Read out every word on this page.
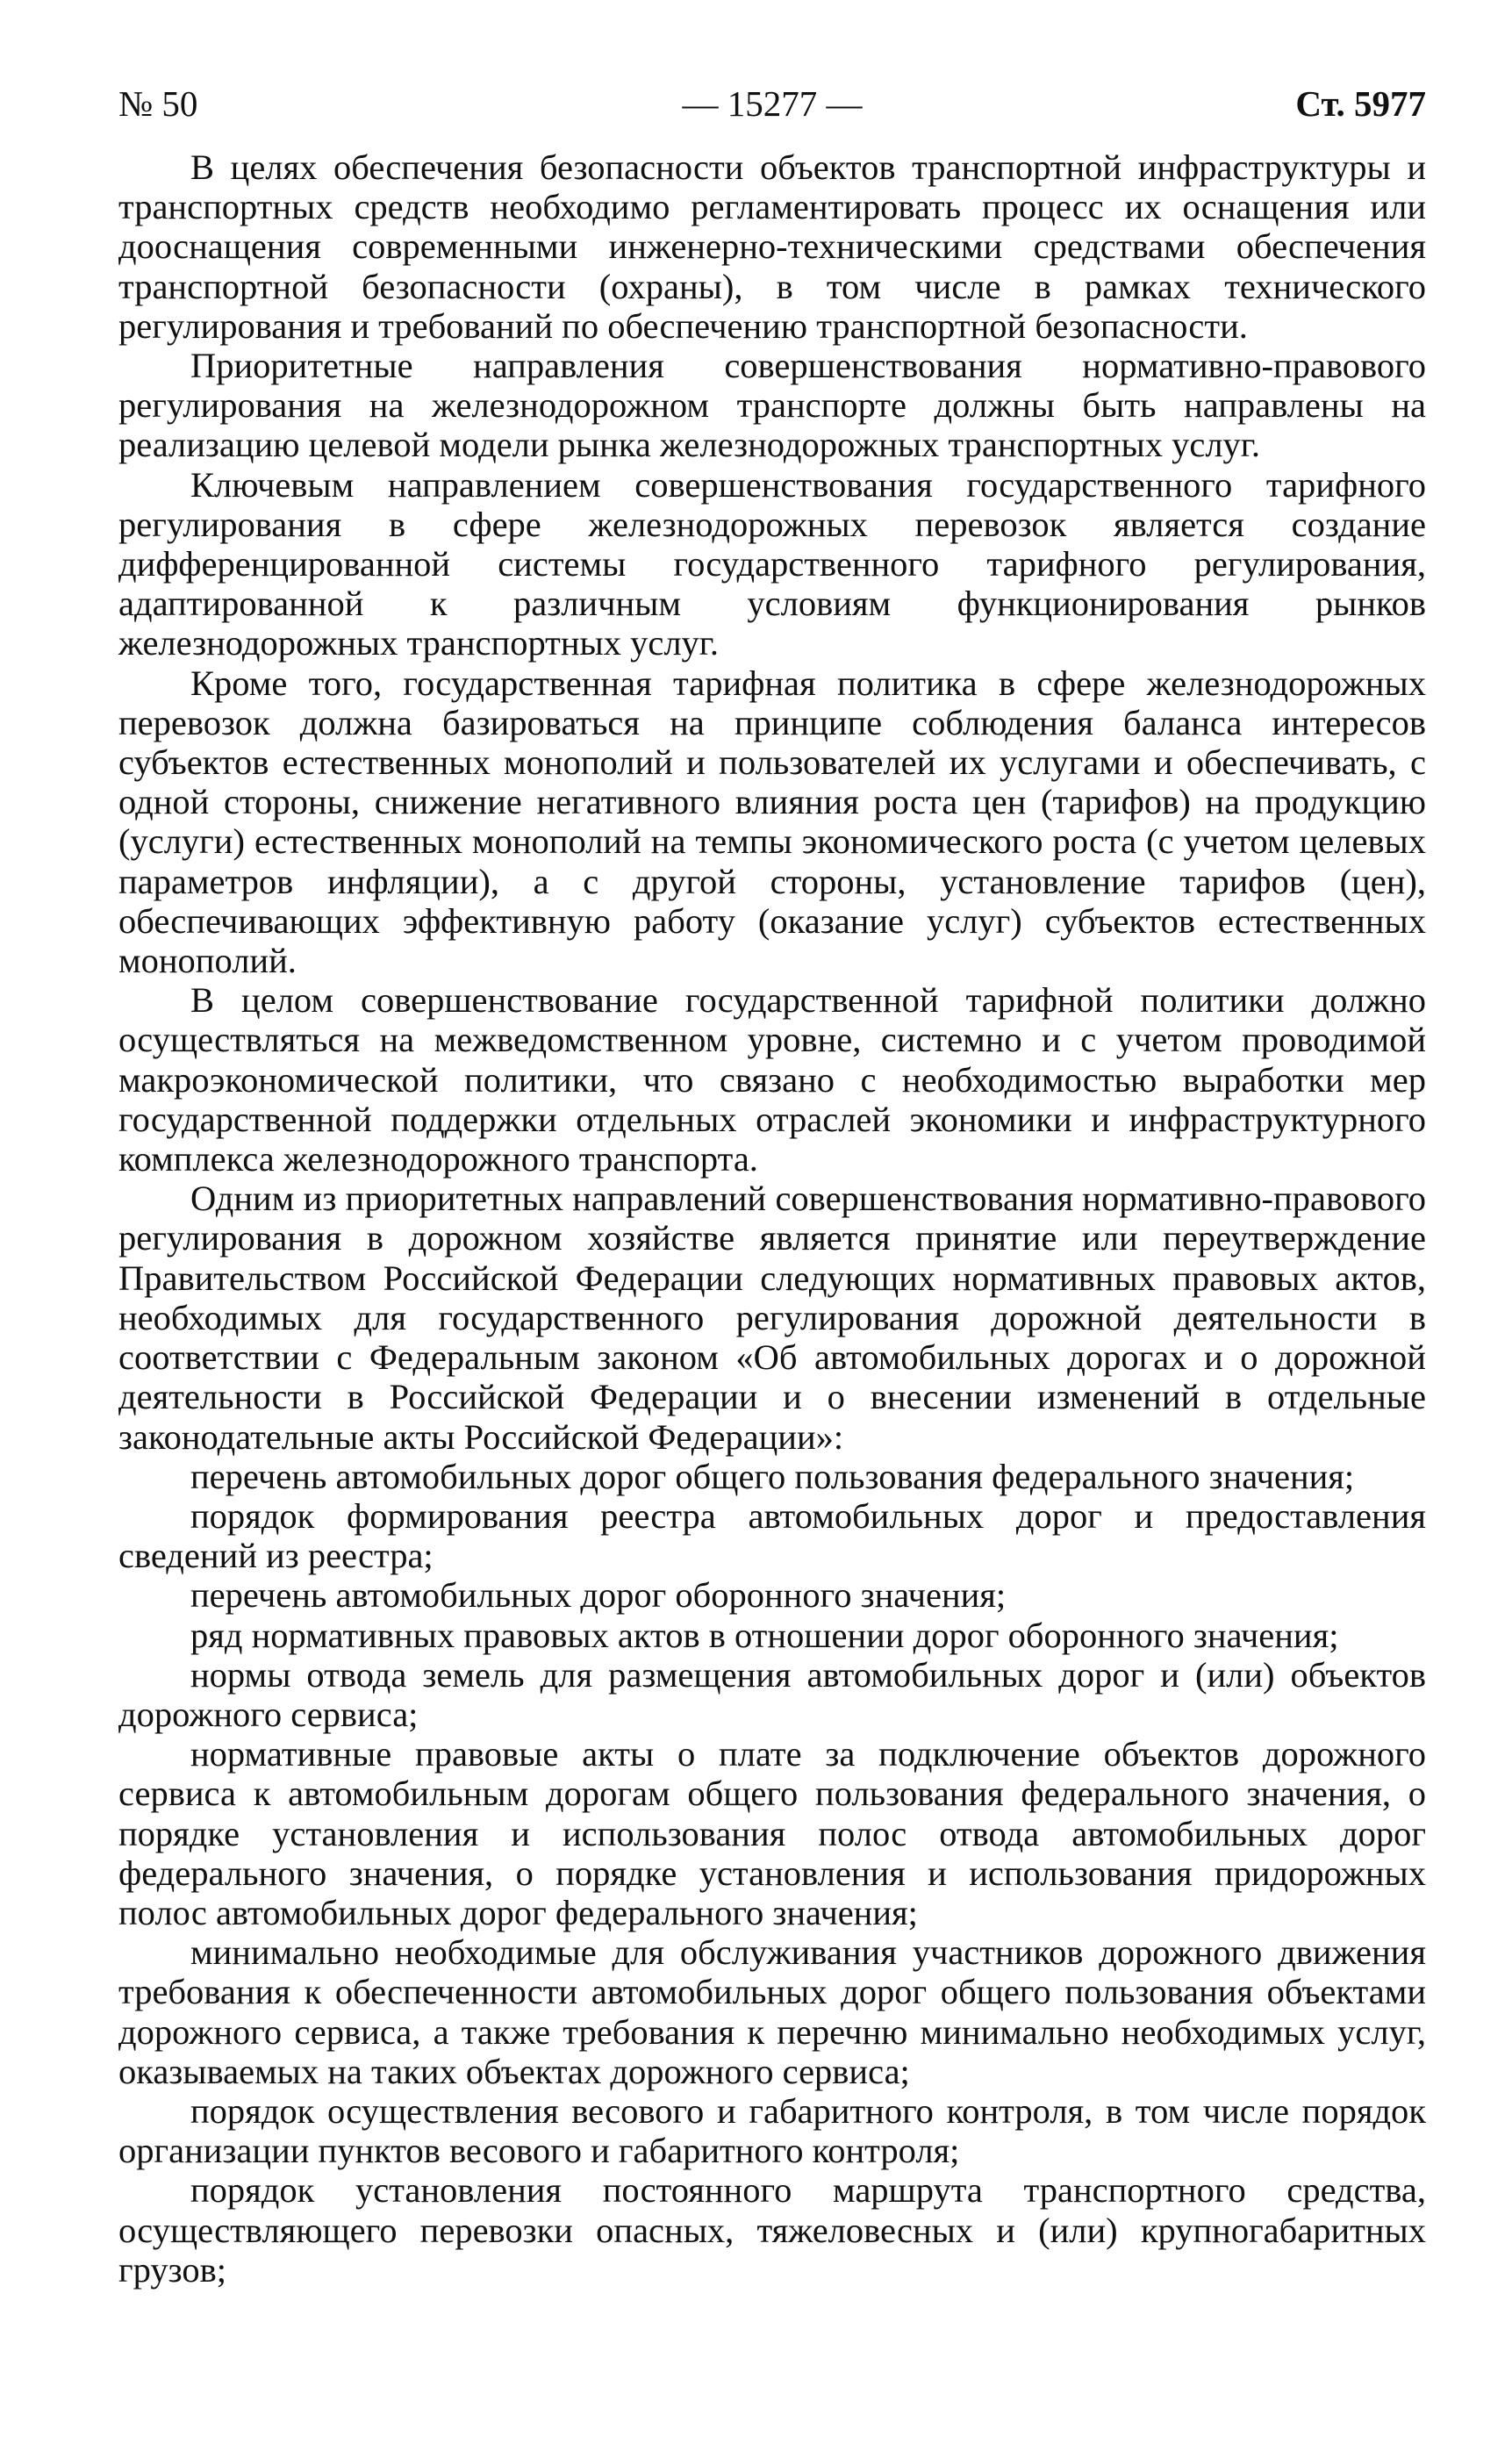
№ 50	— 15277 —	Ст. 5977

В целях обеспечения безопасности объектов транспортной инфраструктуры и транспортных средств необходимо регламентировать процесс их оснащения или дооснащения современными инженерно-техническими средствами обеспечения транспортной безопасности (охраны), в том числе в рамках технического регулирования и требований по обеспечению транспортной безопасности.

Приоритетные направления совершенствования нормативно-правового регулирования на железнодорожном транспорте должны быть направлены на реализацию целевой модели рынка железнодорожных транспортных услуг.

Ключевым направлением совершенствования государственного тарифного регулирования в сфере железнодорожных перевозок является создание дифференцированной системы государственного тарифного регулирования, адаптированной к различным условиям функционирования рынков железнодорожных транспортных услуг.

Кроме того, государственная тарифная политика в сфере железнодорожных перевозок должна базироваться на принципе соблюдения баланса интересов субъектов естественных монополий и пользователей их услугами и обеспечивать, с одной стороны, снижение негативного влияния роста цен (тарифов) на продукцию (услуги) естественных монополий на темпы экономического роста (с учетом целевых параметров инфляции), а с другой стороны, установление тарифов (цен), обеспечивающих эффективную работу (оказание услуг) субъектов естественных монополий.

В целом совершенствование государственной тарифной политики должно осуществляться на межведомственном уровне, системно и с учетом проводимой макроэкономической политики, что связано с необходимостью выработки мер государственной поддержки отдельных отраслей экономики и инфраструктурного комплекса железнодорожного транспорта.

Одним из приоритетных направлений совершенствования нормативно-правового регулирования в дорожном хозяйстве является принятие или переутверждение Правительством Российской Федерации следующих нормативных правовых актов, необходимых для государственного регулирования дорожной деятельности в соответствии с Федеральным законом «Об автомобильных дорогах и о дорожной деятельности в Российской Федерации и о внесении изменений в отдельные законодательные акты Российской Федерации»:

перечень автомобильных дорог общего пользования федерального значения;

порядок формирования реестра автомобильных дорог и предоставления сведений из реестра;

перечень автомобильных дорог оборонного значения;

ряд нормативных правовых актов в отношении дорог оборонного значения;

нормы отвода земель для размещения автомобильных дорог и (или) объектов дорожного сервиса;

нормативные правовые акты о плате за подключение объектов дорожного сервиса к автомобильным дорогам общего пользования федерального значения, о порядке установления и использования полос отвода автомобильных дорог федерального значения, о порядке установления и использования придорожных полос автомобильных дорог федерального значения;

минимально необходимые для обслуживания участников дорожного движения требования к обеспеченности автомобильных дорог общего пользования объектами дорожного сервиса, а также требования к перечню минимально необходимых услуг, оказываемых на таких объектах дорожного сервиса;

порядок осуществления весового и габаритного контроля, в том числе порядок организации пунктов весового и габаритного контроля;

порядок установления постоянного маршрута транспортного средства, осуществляющего перевозки опасных, тяжеловесных и (или) крупногабаритных грузов;
